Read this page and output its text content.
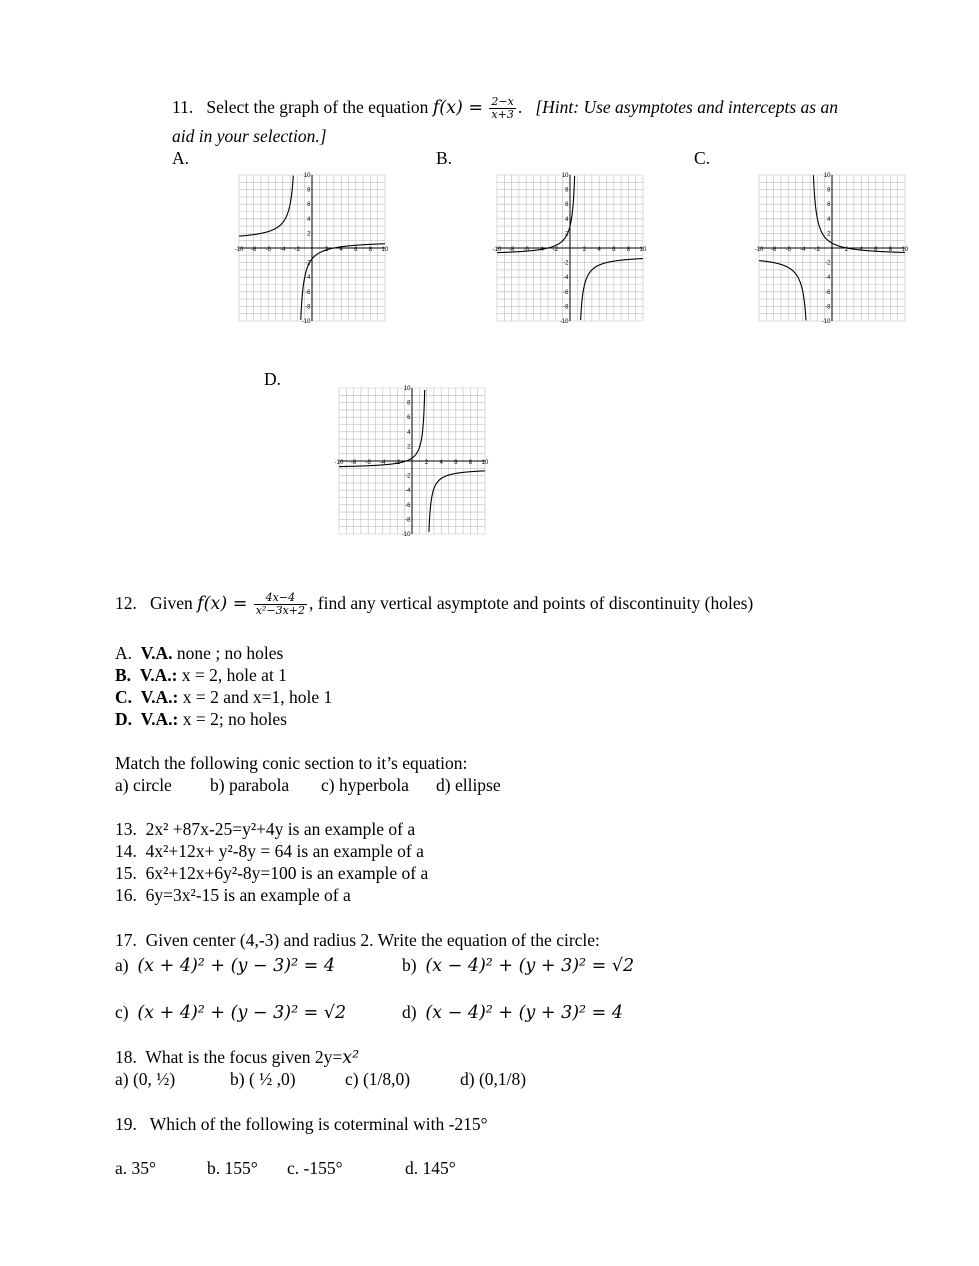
11. Select the graph of the equation $f(x) = \frac{2-x}{x+3}$ . [Hint: Use asymptotes and intercepts as an
aid in your selection.]
A.	B.	C.
D.
-10 -8 -6 -4 -2	2 4 6 8 10
10
8
6
4
2
-2
-4
-6
-8
-10
-10 -8 -6 -4 -2	2 4 6 8 10
10
8
6
4
2
-2
-4
-6
-8
-10
-10 -8 -6 -4 -2	2 4 6 8 10
10
8
6
4
2
-2
-4
-6
-8
-10
-10 -8 -6 -4 -2	2 4 6 8 10
10
8
6
4
2
-2
-4
-6
-8
-10
12. Given $f(x) = \frac{4x-4}{\text{x²−3x+2}}$ , find any vertical asymptote and points of discontinuity (holes)
A. V.A. none ; no holes
B. V.A.: x = 2, hole at 1
C. V.A.: x = 2 and x=1, hole 1
D. V.A.: x = 2; no holes
Match the following conic section to it’s equation:
a) circle b) parabola c) hyperbola d) ellipse
13. 2x² +87x-25=y²+4y is an example of a
14. 4x²+12x+ y²-8y = 64 is an example of a
15. 6x²+12x+6y²-8y=100 is an example of a
16. 6y=3x²-15 is an example of a
17. Given center (4,-3) and radius 2. Write the equation of the circle:
a) (x + 4)² + (y − 3)² = 4	b) (x − 4)² + (y + 3)² = √2
c) (x + 4)² + (y − 3)² = √2	d) (x − 4)² + (y + 3)² = 4
18. What is the focus given 2y=x²
a) (0, ½)	b) ( ½ ,0)	c) (1/8,0)	d) (0,1/8)
19. Which of the following is coterminal with -215°
a. 35°	b. 155° c. -155°	d. 145°
